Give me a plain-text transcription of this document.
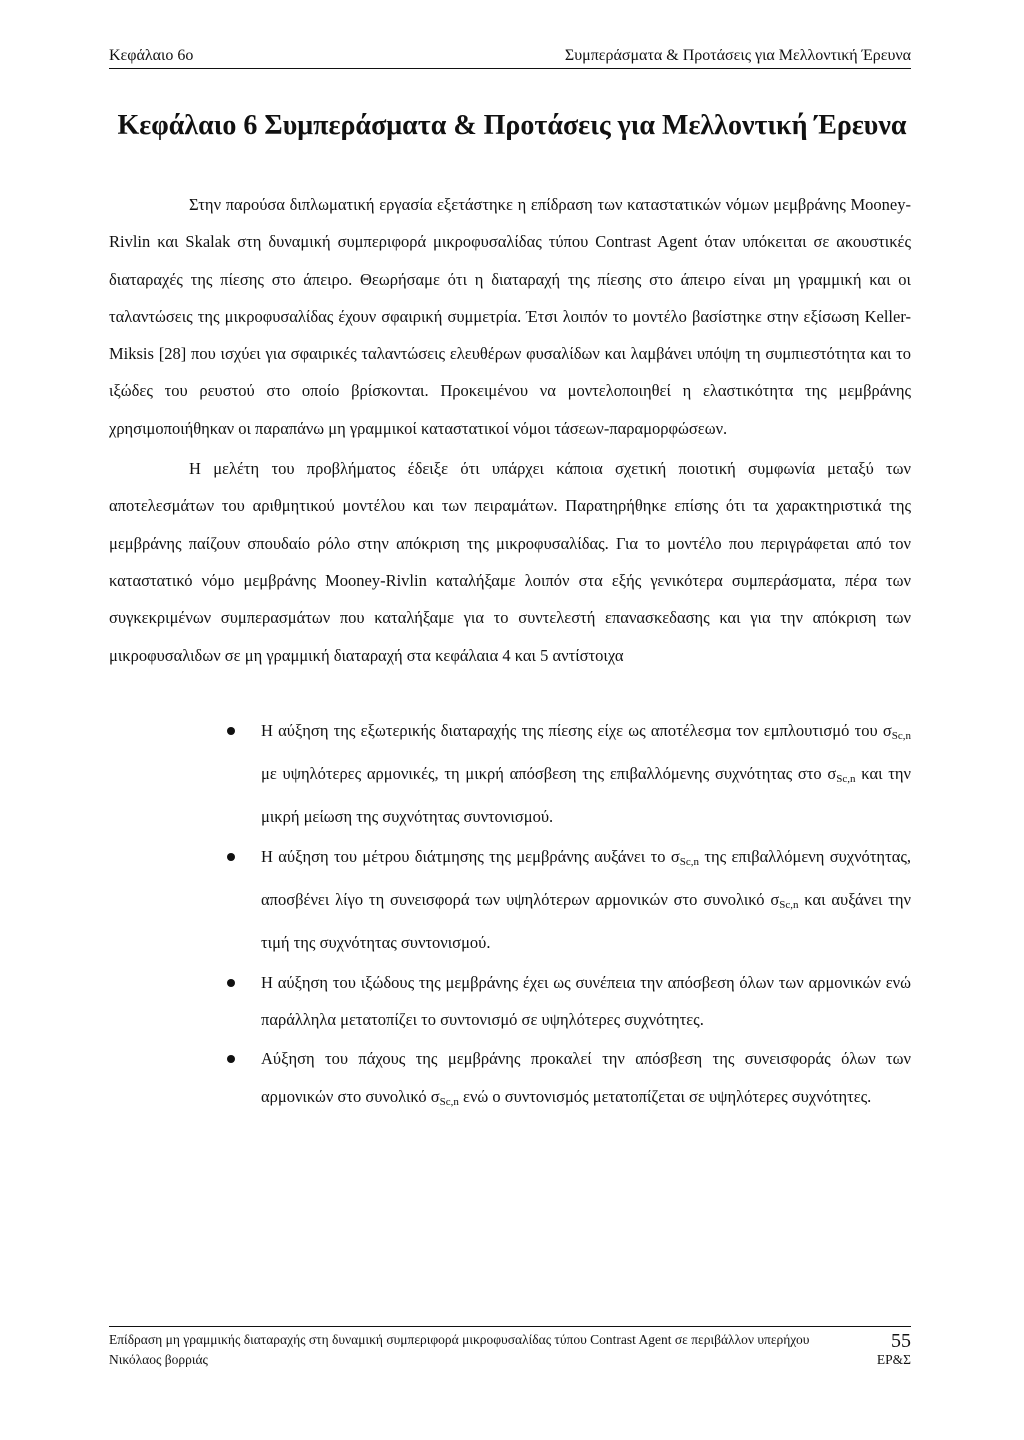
Κεφάλαιο 6ο	Συμπεράσματα & Προτάσεις για Μελλοντική Έρευνα
Κεφάλαιο 6 Συμπεράσματα & Προτάσεις για Μελλοντική Έρευνα

Στην παρούσα διπλωματική εργασία εξετάστηκε η επίδραση των καταστατικών νόμων μεμβράνης Mooney-Rivlin και Skalak στη δυναμική συμπεριφορά μικροφυσαλίδας τύπου Contrast Agent όταν υπόκειται σε ακουστικές διαταραχές της πίεσης στο άπειρο. Θεωρήσαμε ότι η διαταραχή της πίεσης στο άπειρο είναι μη γραμμική και οι ταλαντώσεις της μικροφυσαλίδας έχουν σφαιρική συμμετρία. Έτσι λοιπόν το μοντέλο βασίστηκε στην εξίσωση Keller-Miksis [28] που ισχύει για σφαιρικές ταλαντώσεις ελευθέρων φυσαλίδων και λαμβάνει υπόψη τη συμπιεστότητα και το ιξώδες του ρευστού στο οποίο βρίσκονται. Προκειμένου να μοντελοποιηθεί η ελαστικότητα της μεμβράνης χρησιμοποιήθηκαν οι παραπάνω μη γραμμικοί καταστατικοί νόμοι τάσεων-παραμορφώσεων.

Η μελέτη του προβλήματος έδειξε ότι υπάρχει κάποια σχετική ποιοτική συμφωνία μεταξύ των αποτελεσμάτων του αριθμητικού μοντέλου και των πειραμάτων. Παρατηρήθηκε επίσης ότι τα χαρακτηριστικά της μεμβράνης παίζουν σπουδαίο ρόλο στην απόκριση της μικροφυσαλίδας. Για το μοντέλο που περιγράφεται από τον καταστατικό νόμο μεμβράνης Mooney-Rivlin καταλήξαμε λοιπόν στα εξής γενικότερα συμπεράσματα, πέρα των συγκεκριμένων συμπερασμάτων που καταλήξαμε για το συντελεστή επανασκεδασης και για την απόκριση των μικροφυσαλιδων σε μη γραμμική διαταραχή στα κεφάλαια 4 και 5 αντίστοιχα

Η αύξηση της εξωτερικής διαταραχής της πίεσης είχε ως αποτέλεσμα τον εμπλουτισμό του $\sigma_{Sc,n}$ με υψηλότερες αρμονικές, τη μικρή απόσβεση της επιβαλλόμενης συχνότητας στο $\sigma_{Sc,n}$ και την μικρή μείωση της συχνότητας συντονισμού.
Η αύξηση του μέτρου διάτμησης της μεμβράνης αυξάνει το $\sigma_{Sc,n}$ της επιβαλλόμενη συχνότητας, αποσβένει λίγο τη συνεισφορά των υψηλότερων αρμονικών στο συνολικό $\sigma_{Sc,n}$ και αυξάνει την τιμή της συχνότητας συντονισμού.
Η αύξηση του ιξώδους της μεμβράνης έχει ως συνέπεια την απόσβεση όλων των αρμονικών ενώ παράλληλα μετατοπίζει το συντονισμό σε υψηλότερες συχνότητες.
Αύξηση του πάχους της μεμβράνης προκαλεί την απόσβεση της συνεισφοράς όλων των αρμονικών στο συνολικό $\sigma_{Sc,n}$ ενώ ο συντονισμός μετατοπίζεται σε υψηλότερες συχνότητες.
Επίδραση μη γραμμικής διαταραχής στη δυναμική συμπεριφορά μικροφυσαλίδας τύπου Contrast Agent σε περιβάλλον υπερήχου	55
Νικόλαος βορριάς	ΕΡ&Σ
